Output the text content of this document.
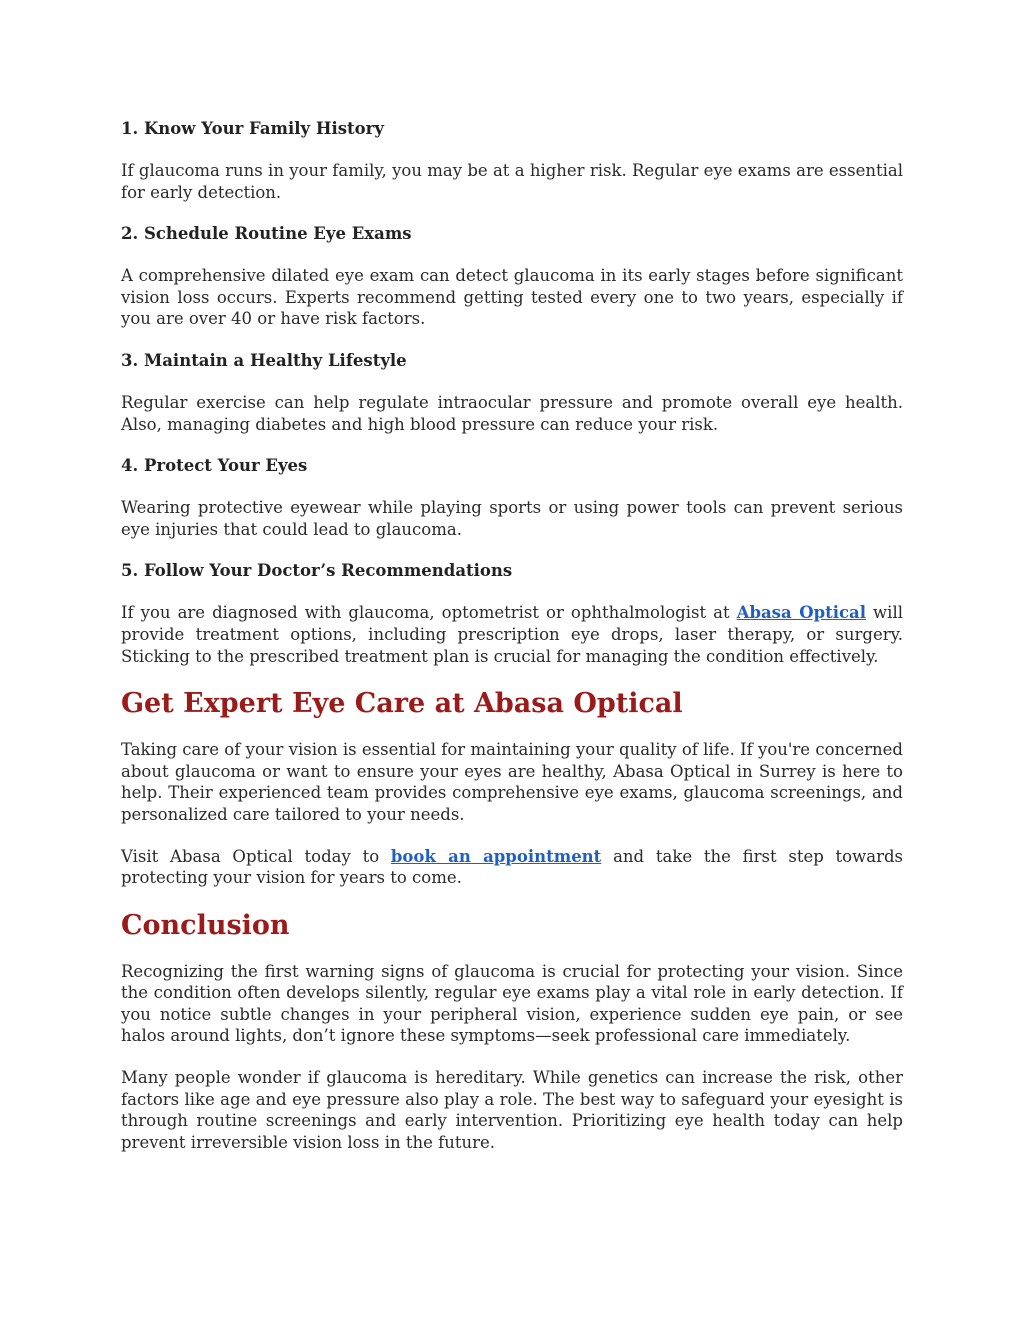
1. Know Your Family History

If glaucoma runs in your family, you may be at a higher risk. Regular eye exams are essential for early detection.

2. Schedule Routine Eye Exams

A comprehensive dilated eye exam can detect glaucoma in its early stages before significant vision loss occurs. Experts recommend getting tested every one to two years, especially if you are over 40 or have risk factors.

3. Maintain a Healthy Lifestyle

Regular exercise can help regulate intraocular pressure and promote overall eye health. Also, managing diabetes and high blood pressure can reduce your risk.

4. Protect Your Eyes

Wearing protective eyewear while playing sports or using power tools can prevent serious eye injuries that could lead to glaucoma.

5. Follow Your Doctor’s Recommendations

If you are diagnosed with glaucoma, optometrist or ophthalmologist at Abasa Optical will provide treatment options, including prescription eye drops, laser therapy, or surgery. Sticking to the prescribed treatment plan is crucial for managing the condition effectively.

Get Expert Eye Care at Abasa Optical

Taking care of your vision is essential for maintaining your quality of life. If you're concerned about glaucoma or want to ensure your eyes are healthy, Abasa Optical in Surrey is here to help. Their experienced team provides comprehensive eye exams, glaucoma screenings, and personalized care tailored to your needs.

Visit Abasa Optical today to book an appointment and take the first step towards protecting your vision for years to come.

Conclusion

Recognizing the first warning signs of glaucoma is crucial for protecting your vision. Since the condition often develops silently, regular eye exams play a vital role in early detection. If you notice subtle changes in your peripheral vision, experience sudden eye pain, or see halos around lights, don’t ignore these symptoms—seek professional care immediately.

Many people wonder if glaucoma is hereditary. While genetics can increase the risk, other factors like age and eye pressure also play a role. The best way to safeguard your eyesight is through routine screenings and early intervention. Prioritizing eye health today can help prevent irreversible vision loss in the future.
